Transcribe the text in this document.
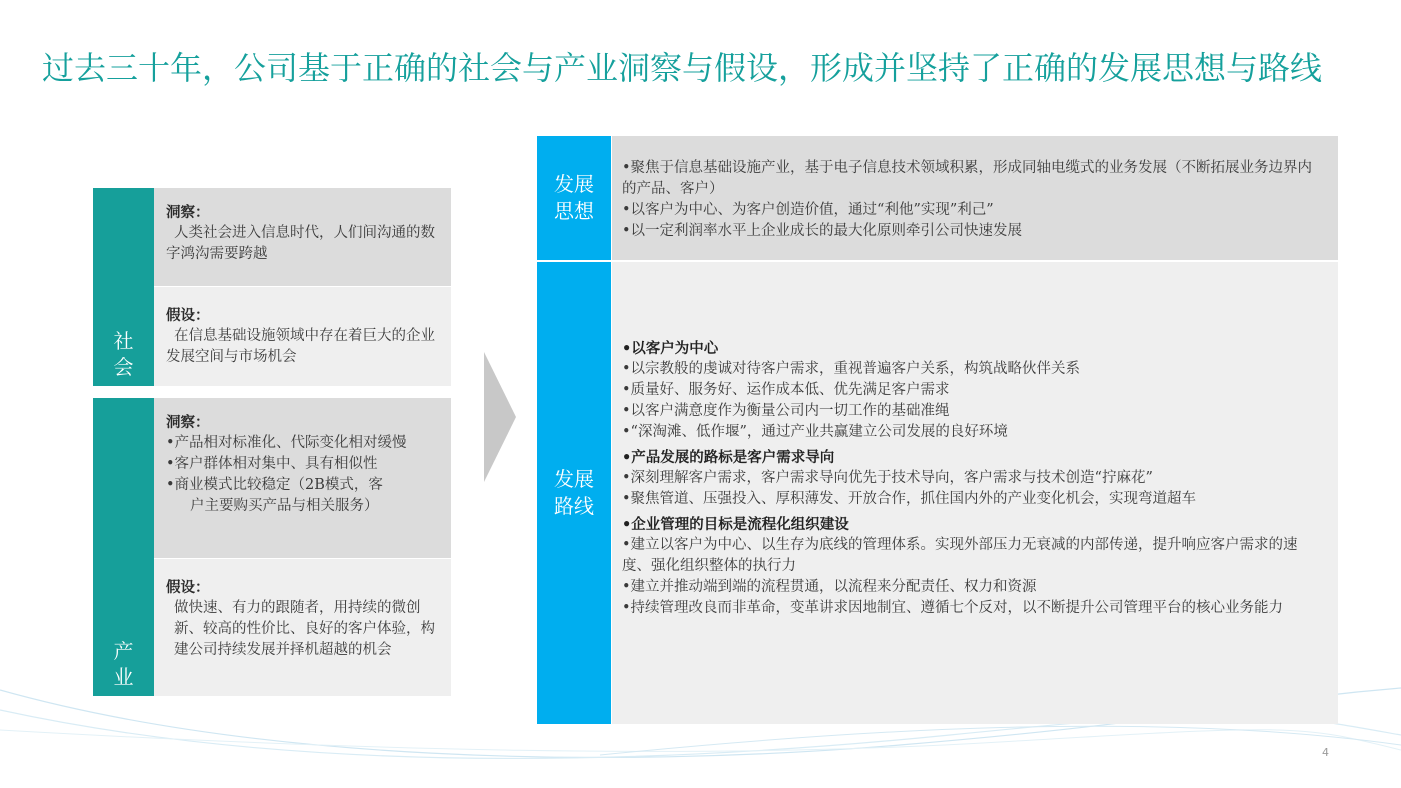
过去三十年，公司基于正确的社会与产业洞察与假设，形成并坚持了正确的发展思想与路线
社
会
洞察：
人类社会进入信息时代，人们间沟通的数字鸿沟需要跨越
假设：
在信息基础设施领域中存在着巨大的企业发展空间与市场机会
产
业
洞察：
•产品相对标准化、代际变化相对缓慢
•客户群体相对集中、具有相似性
•商业模式比较稳定（2B模式，客
户主要购买产品与相关服务）
假设：
做快速、有力的跟随者，用持续的微创新、较高的性价比、良好的客户体验，构建公司持续发展并择机超越的机会
发展思想
•聚焦于信息基础设施产业，基于电子信息技术领域积累，形成同轴电缆式的业务发展（不断拓展业务边界内的产品、客户）
•以客户为中心、为客户创造价值，通过“利他”实现”利己”
•以一定利润率水平上企业成长的最大化原则牵引公司快速发展
发展路线
•以客户为中心
•以宗教般的虔诚对待客户需求，重视普遍客户关系，构筑战略伙伴关系
•质量好、服务好、运作成本低、优先满足客户需求
•以客户满意度作为衡量公司内一切工作的基础准绳
•“深淘滩、低作堰”，通过产业共赢建立公司发展的良好环境
•产品发展的路标是客户需求导向
•深刻理解客户需求，客户需求导向优先于技术导向，客户需求与技术创造“拧麻花”
•聚焦管道、压强投入、厚积薄发、开放合作，抓住国内外的产业变化机会，实现弯道超车
•企业管理的目标是流程化组织建设
•建立以客户为中心、以生存为底线的管理体系。实现外部压力无衰减的内部传递，提升响应客户需求的速度、强化组织整体的执行力
•建立并推动端到端的流程贯通，以流程来分配责任、权力和资源
•持续管理改良而非革命，变革讲求因地制宜、遵循七个反对，以不断提升公司管理平台的核心业务能力
4
